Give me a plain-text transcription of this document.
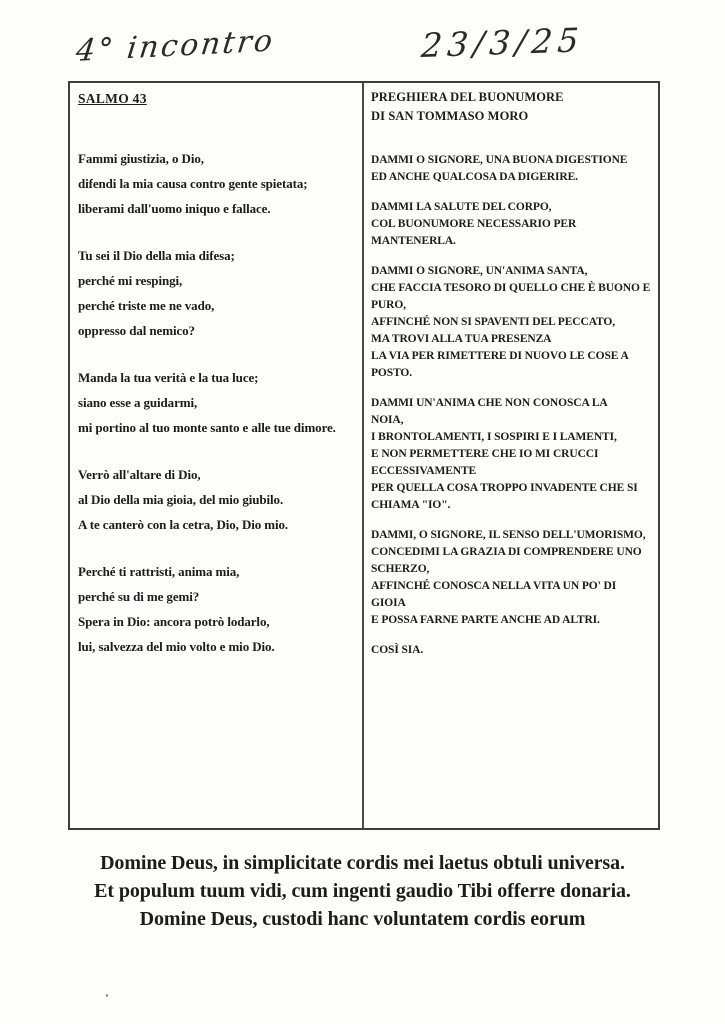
4° incontro	23/3/25
SALMO 43
Fammi giustizia, o Dio,
difendi la mia causa contro gente spietata;
liberami dall'uomo iniquo e fallace.
Tu sei il Dio della mia difesa;
perché mi respingi,
perché triste me ne vado,
oppresso dal nemico?
Manda la tua verità e la tua luce;
siano esse a guidarmi,
mi portino al tuo monte santo e alle tue dimore.
Verrò all'altare di Dio,
al Dio della mia gioia, del mio giubilo.
A te canterò con la cetra, Dio, Dio mio.
Perché ti rattristi, anima mia,
perché su di me gemi?
Spera in Dio: ancora potrò lodarlo,
lui, salvezza del mio volto e mio Dio.
PREGHIERA DEL BUONUMORE
DI SAN TOMMASO MORO
DAMMI O SIGNORE, UNA BUONA DIGESTIONE
ED ANCHE QUALCOSA DA DIGERIRE.
DAMMI LA SALUTE DEL CORPO,
COL BUONUMORE NECESSARIO PER
MANTENERLA.
DAMMI O SIGNORE, UN'ANIMA SANTA,
CHE FACCIA TESORO DI QUELLO CHE È BUONO E
PURO,
AFFINCHÉ NON SI SPAVENTI DEL PECCATO,
MA TROVI ALLA TUA PRESENZA
LA VIA PER RIMETTERE DI NUOVO LE COSE A
POSTO.
DAMMI UN'ANIMA CHE NON CONOSCA LA
NOIA,
I BRONTOLAMENTI, I SOSPIRI E I LAMENTI,
E NON PERMETTERE CHE IO MI CRUCCI
ECCESSIVAMENTE
PER QUELLA COSA TROPPO INVADENTE CHE SI
CHIAMA "IO".
DAMMI, O SIGNORE, IL SENSO DELL'UMORISMO,
CONCEDIMI LA GRAZIA DI COMPRENDERE UNO
SCHERZO,
AFFINCHÉ CONOSCA NELLA VITA UN PO' DI
GIOIA
E POSSA FARNE PARTE ANCHE AD ALTRI.
COSÌ SIA.
Domine Deus, in simplicitate cordis mei laetus obtuli universa.
Et populum tuum vidi, cum ingenti gaudio Tibi offerre donaria.
Domine Deus, custodi hanc voluntatem cordis eorum
